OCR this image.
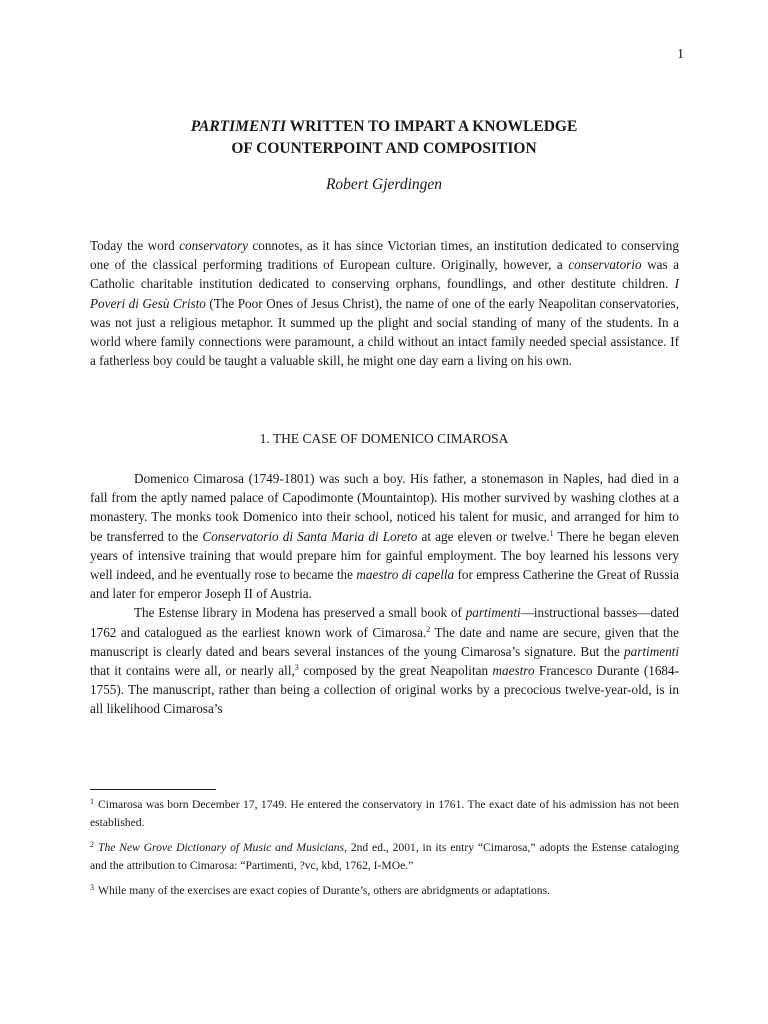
1
PARTIMENTI WRITTEN TO IMPART A KNOWLEDGE
OF COUNTERPOINT AND COMPOSITION
Robert Gjerdingen

Today the word conservatory connotes, as it has since Victorian times, an institution dedicated to conserving one of the classical performing traditions of European culture. Originally, however, a conservatorio was a Catholic charitable institution dedicated to conserving orphans, foundlings, and other destitute children. I Poveri di Gesù Cristo (The Poor Ones of Jesus Christ), the name of one of the early Neapolitan conservatories, was not just a religious metaphor. It summed up the plight and social standing of many of the students. In a world where family connections were paramount, a child without an intact family needed special assistance. If a fatherless boy could be taught a valuable skill, he might one day earn a living on his own.

1. THE CASE OF DOMENICO CIMAROSA

Domenico Cimarosa (1749-1801) was such a boy. His father, a stonemason in Naples, had died in a fall from the aptly named palace of Capodimonte (Mountaintop). His mother survived by washing clothes at a monastery. The monks took Domenico into their school, noticed his talent for music, and arranged for him to be transferred to the Conservatorio di Santa Maria di Loreto at age eleven or twelve.$^1$ There he began eleven years of intensive training that would prepare him for gainful employment. The boy learned his lessons very well indeed, and he eventually rose to became the maestro di capella for empress Catherine the Great of Russia and later for emperor Joseph II of Austria.

The Estense library in Modena has preserved a small book of partimenti—instructional basses—dated 1762 and catalogued as the earliest known work of Cimarosa.$^2$ The date and name are secure, given that the manuscript is clearly dated and bears several instances of the young Cimarosa’s signature. But the partimenti that it contains were all, or nearly all,$^3$ composed by the great Neapolitan maestro Francesco Durante (1684-1755). The manuscript, rather than being a collection of original works by a precocious twelve-year-old, is in all likelihood Cimarosa’s

$^1$ Cimarosa was born December 17, 1749. He entered the conservatory in 1761. The exact date of his admission has not been established.

$^2$ The New Grove Dictionary of Music and Musicians, 2nd ed., 2001, in its entry “Cimarosa,” adopts the Estense cataloging and the attribution to Cimarosa: “Partimenti, ?vc, kbd, 1762, I-MOe.”

$^3$ While many of the exercises are exact copies of Durante’s, others are abridgments or adaptations.
